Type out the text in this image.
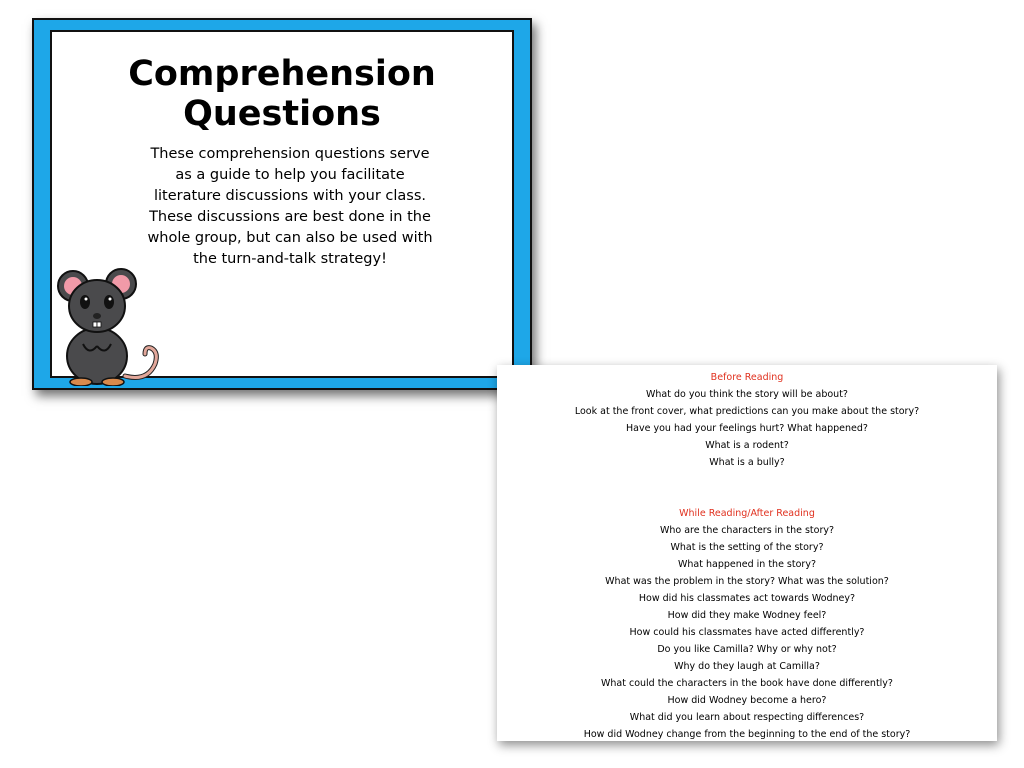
Comprehension
Questions
These comprehension questions serve as a guide to help you facilitate literature discussions with your class. These discussions are best done in the whole group, but can also be used with the turn-and-talk strategy!
Before Reading
What do you think the story will be about?
Look at the front cover, what predictions can you make about the story?
Have you had your feelings hurt? What happened?
What is a rodent?
What is a bully?
While Reading/After Reading
Who are the characters in the story?
What is the setting of the story?
What happened in the story?
What was the problem in the story? What was the solution?
How did his classmates act towards Wodney?
How did they make Wodney feel?
How could his classmates have acted differently?
Do you like Camilla? Why or why not?
Why do they laugh at Camilla?
What could the characters in the book have done differently?
How did Wodney become a hero?
What did you learn about respecting differences?
How did Wodney change from the beginning to the end of the story?
